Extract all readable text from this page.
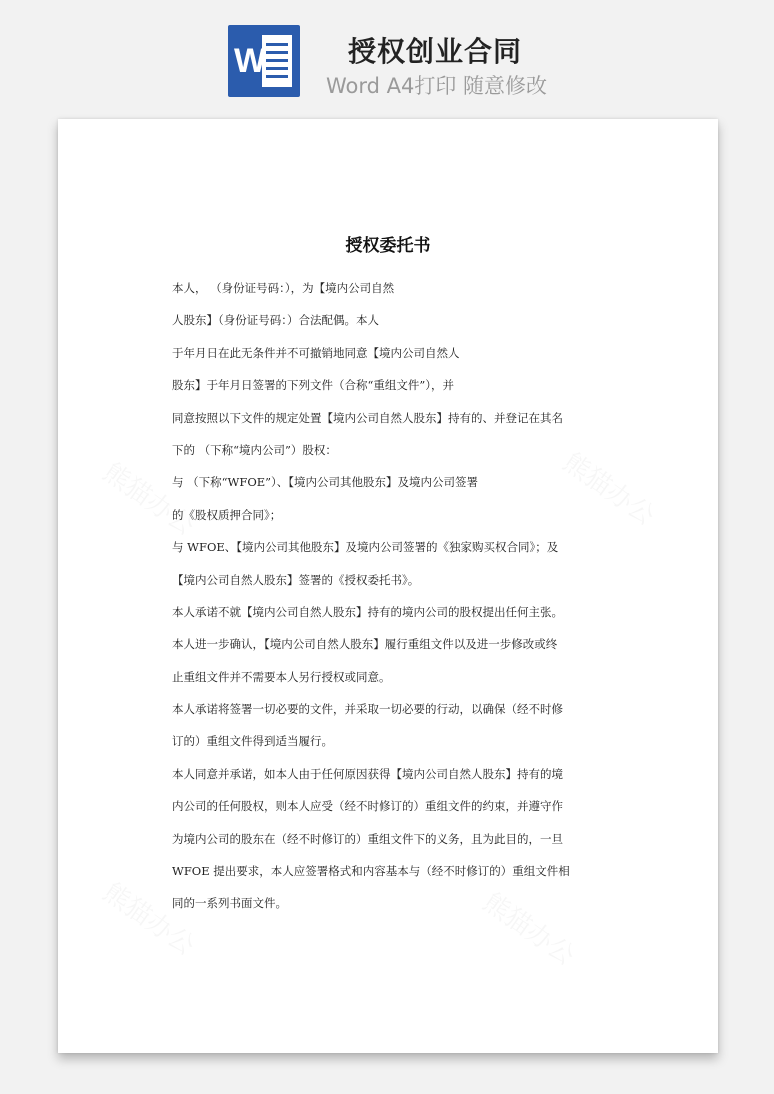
W	授权创业合同
Word A4打印 随意修改
授权委托书
本人， （身份证号码：），为【境内公司自然
人股东】（身份证号码：）合法配偶。本人
于年月日在此无条件并不可撤销地同意【境内公司自然人
股东】于年月日签署的下列文件（合称“重组文件”），并
同意按照以下文件的规定处置【境内公司自然人股东】持有的、并登记在其名
下的 （下称“境内公司”）股权：
与 （下称“WFOE”）、【境内公司其他股东】及境内公司签署
的《股权质押合同》；
与 WFOE、【境内公司其他股东】及境内公司签署的《独家购买权合同》；及
【境内公司自然人股东】签署的《授权委托书》。
本人承诺不就【境内公司自然人股东】持有的境内公司的股权提出任何主张。
本人进一步确认，【境内公司自然人股东】履行重组文件以及进一步修改或终
止重组文件并不需要本人另行授权或同意。
本人承诺将签署一切必要的文件，并采取一切必要的行动，以确保（经不时修
订的）重组文件得到适当履行。
本人同意并承诺，如本人由于任何原因获得【境内公司自然人股东】持有的境
内公司的任何股权，则本人应受（经不时修订的）重组文件的约束，并遵守作
为境内公司的股东在（经不时修订的）重组文件下的义务，且为此目的，一旦
WFOE 提出要求，本人应签署格式和内容基本与（经不时修订的）重组文件相
同的一系列书面文件。
